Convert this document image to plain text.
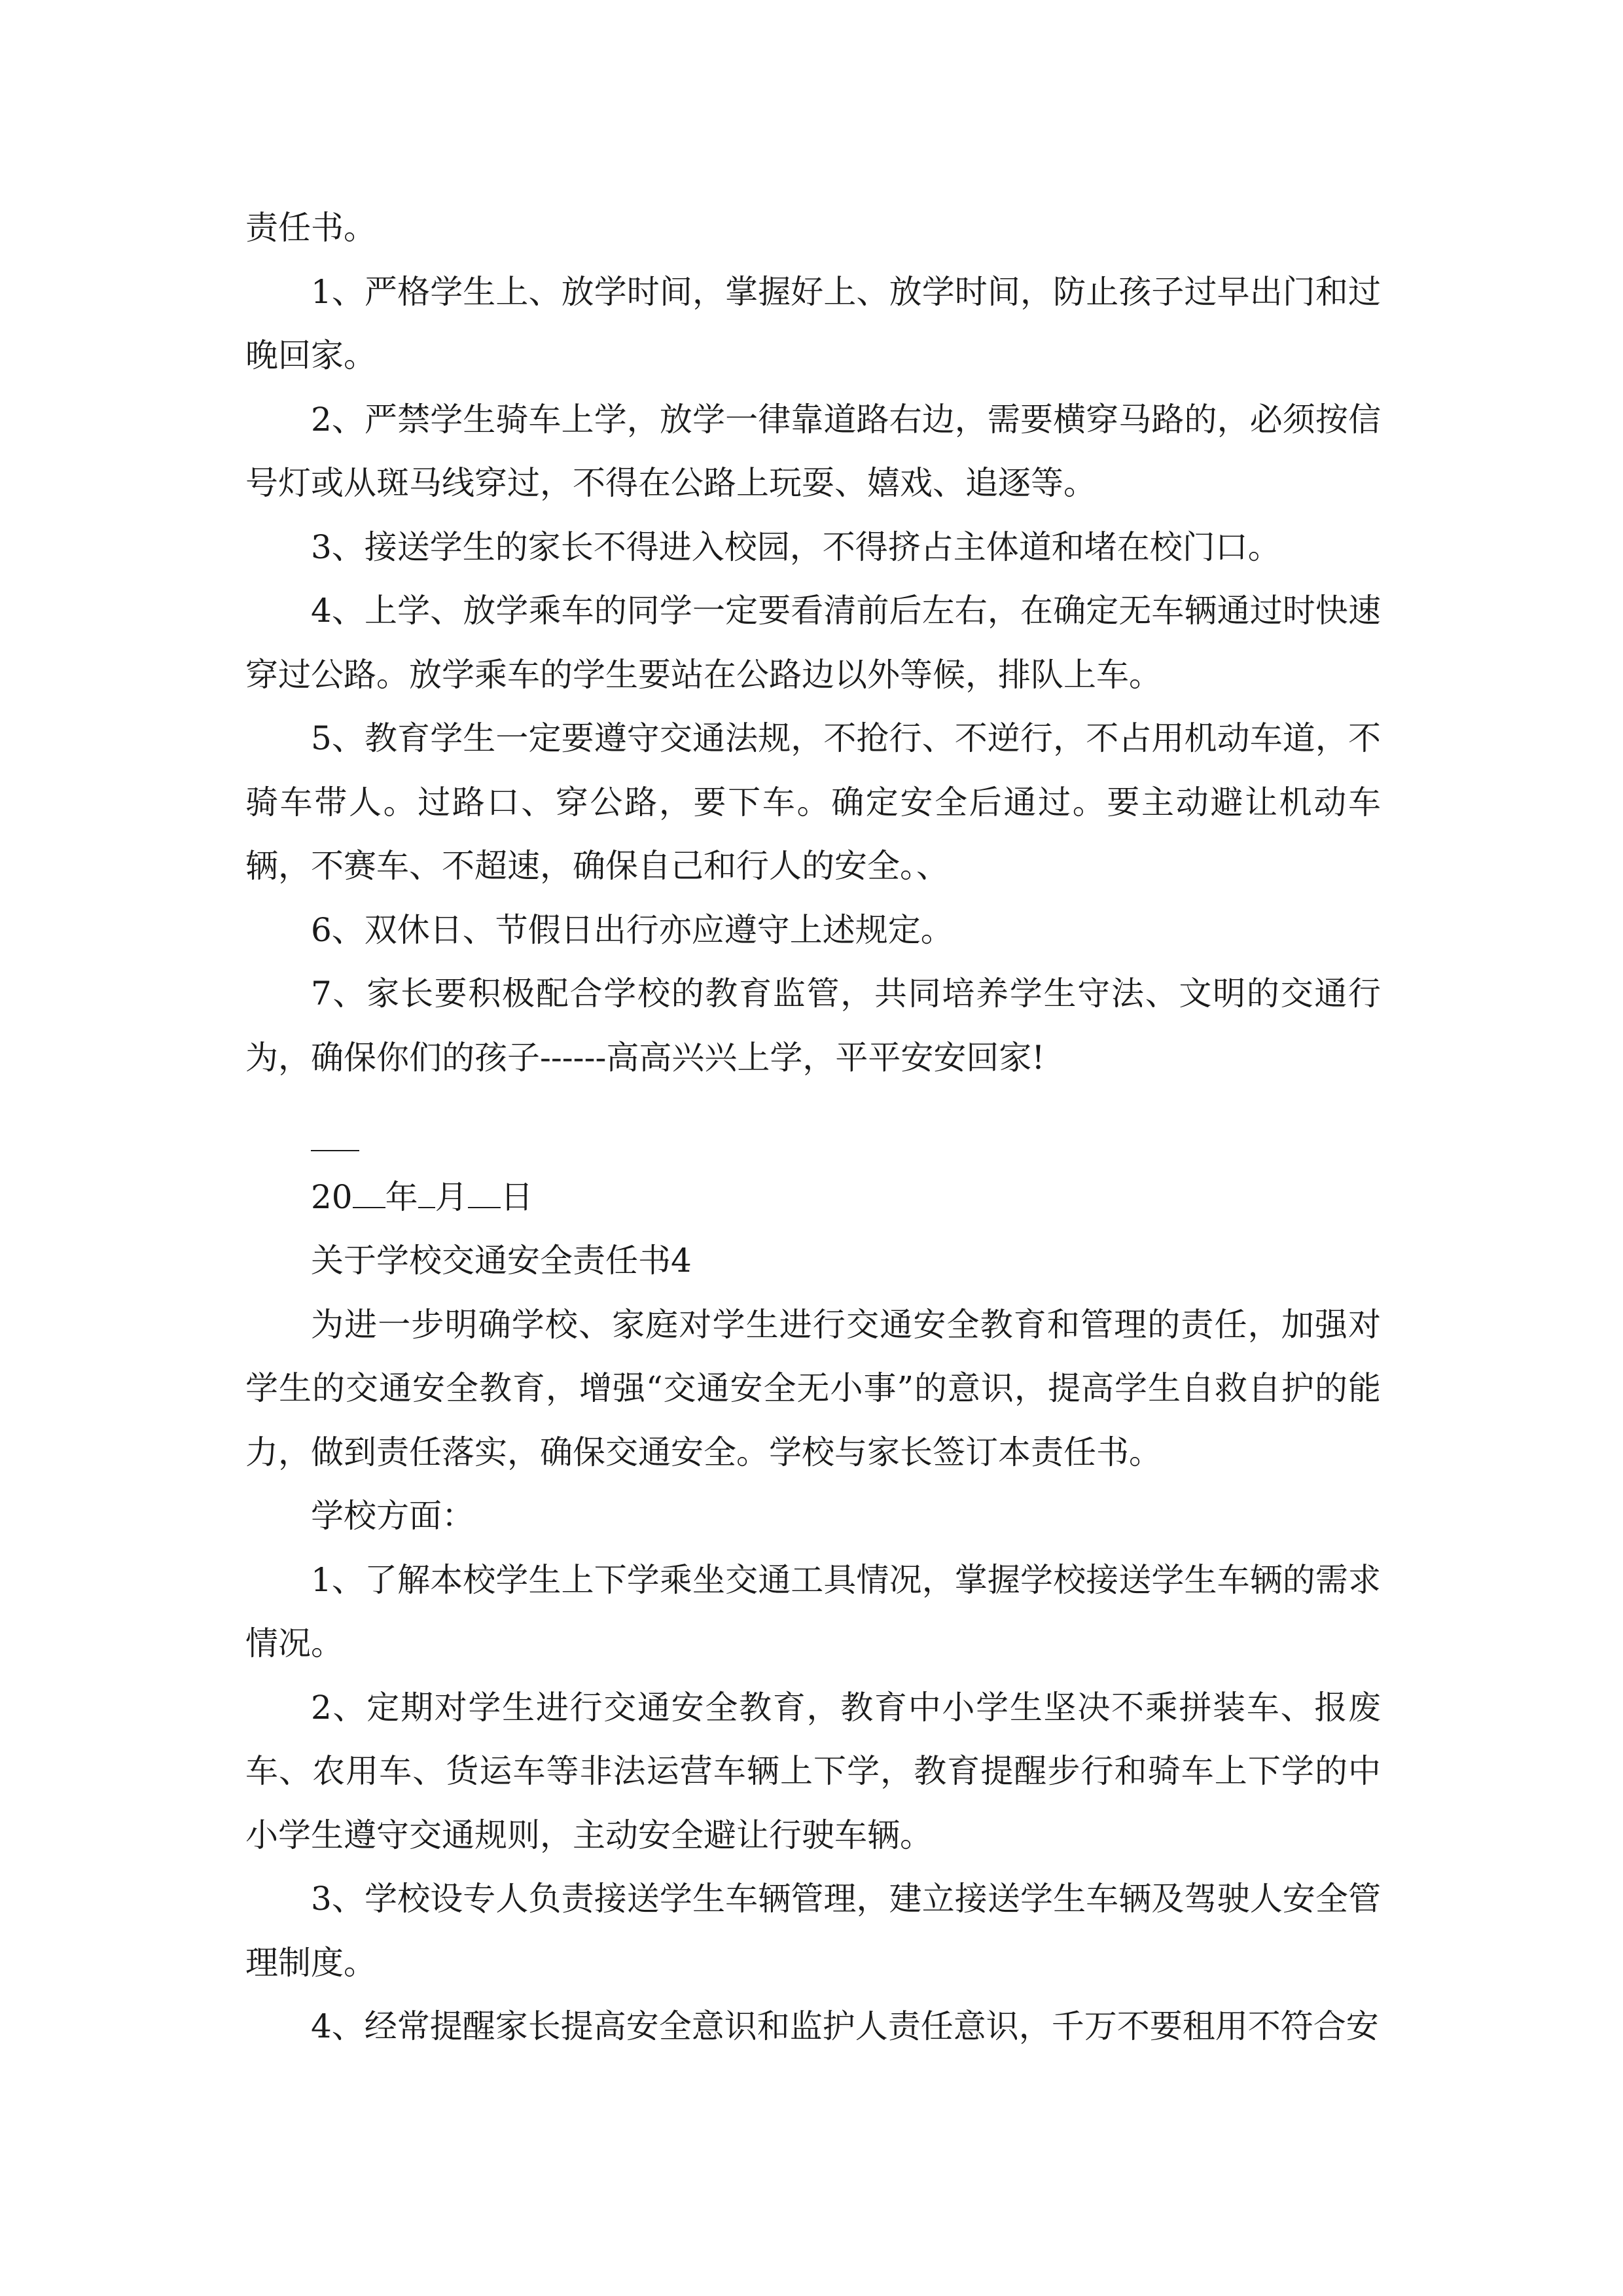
责任书。

1、严格学生上、放学时间，掌握好上、放学时间，防止孩子过早出门和过晚回家。

2、严禁学生骑车上学，放学一律靠道路右边，需要横穿马路的，必须按信号灯或从斑马线穿过，不得在公路上玩耍、嬉戏、追逐等。

3、接送学生的家长不得进入校园，不得挤占主体道和堵在校门口。

4、上学、放学乘车的同学一定要看清前后左右，在确定无车辆通过时快速穿过公路。放学乘车的学生要站在公路边以外等候，排队上车。

5、教育学生一定要遵守交通法规，不抢行、不逆行，不占用机动车道，不骑车带人。过路口、穿公路，要下车。确定安全后通过。要主动避让机动车辆，不赛车、不超速，确保自己和行人的安全。、

6、双休日、节假日出行亦应遵守上述规定。

7、家长要积极配合学校的教育监管，共同培养学生守法、文明的交通行为，确保你们的孩子------高高兴兴上学，平平安安回家!

20 年 月 日

关于学校交通安全责任书4

为进一步明确学校、家庭对学生进行交通安全教育和管理的责任，加强对学生的交通安全教育，增强“交通安全无小事”的意识，提高学生自救自护的能力，做到责任落实，确保交通安全。学校与家长签订本责任书。

学校方面：

1、了解本校学生上下学乘坐交通工具情况，掌握学校接送学生车辆的需求情况。

2、定期对学生进行交通安全教育，教育中小学生坚决不乘拼装车、报废车、农用车、货运车等非法运营车辆上下学，教育提醒步行和骑车上下学的中小学生遵守交通规则，主动安全避让行驶车辆。

3、学校设专人负责接送学生车辆管理，建立接送学生车辆及驾驶人安全管理制度。

4、经常提醒家长提高安全意识和监护人责任意识，千万不要租用不符合安
